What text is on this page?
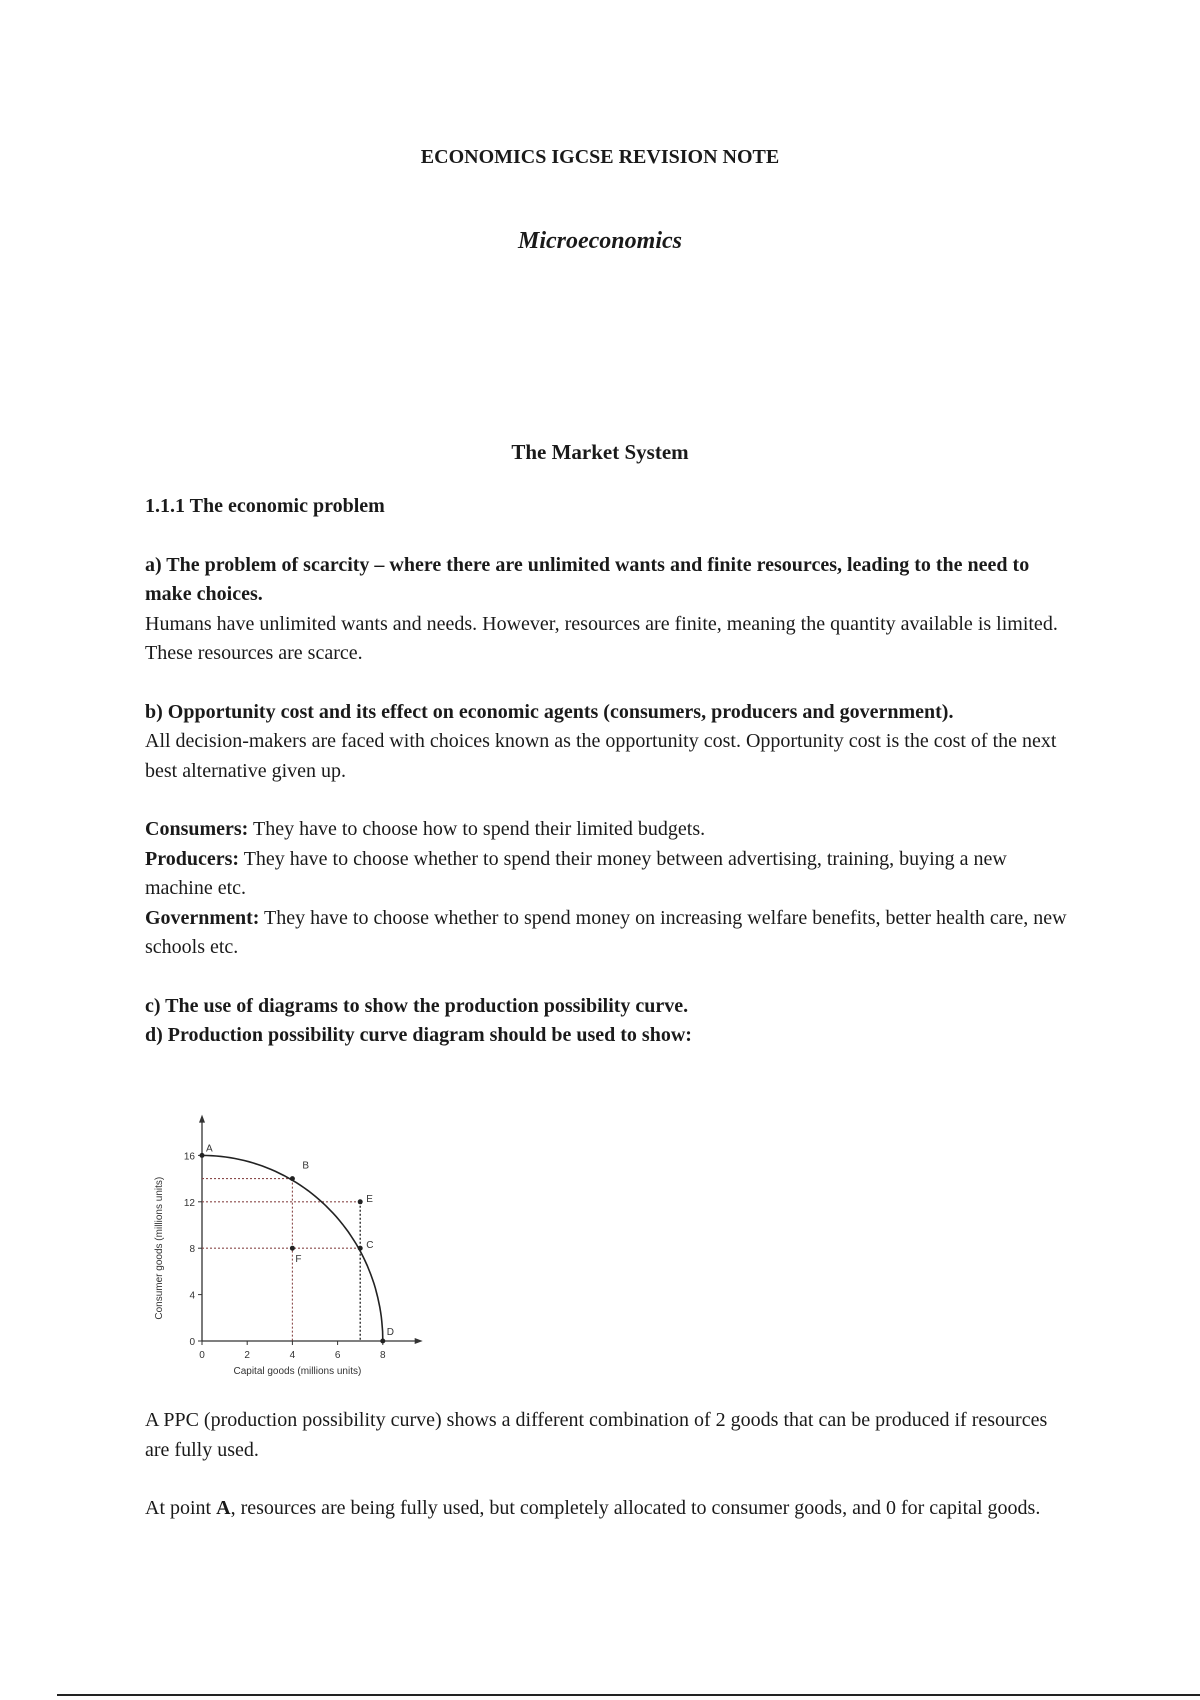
ECONOMICS IGCSE REVISION NOTE
Microeconomics
The Market System

1.1.1 The economic problem

a) The problem of scarcity – where there are unlimited wants and finite resources, leading to the need to make choices.

Humans have unlimited wants and needs. However, resources are finite, meaning the quantity available is limited. These resources are scarce.

b) Opportunity cost and its effect on economic agents (consumers, producers and government).

All decision-makers are faced with choices known as the opportunity cost. Opportunity cost is the cost of the next best alternative given up.

Consumers: They have to choose how to spend their limited budgets.

Producers: They have to choose whether to spend their money between advertising, training, buying a new machine etc.

Government: They have to choose whether to spend money on increasing welfare benefits, better health care, new schools etc.

c) The use of diagrams to show the production possibility curve.

d) Production possibility curve diagram should be used to show:

0	2	4	6	8
0
4
8
12
16
Capital goods (millions units)
Consumer goods (millions units)
A
B
C
D
E
F

A PPC (production possibility curve) shows a different combination of 2 goods that can be produced if resources are fully used.

At point A, resources are being fully used, but completely allocated to consumer goods, and 0 for capital goods.
